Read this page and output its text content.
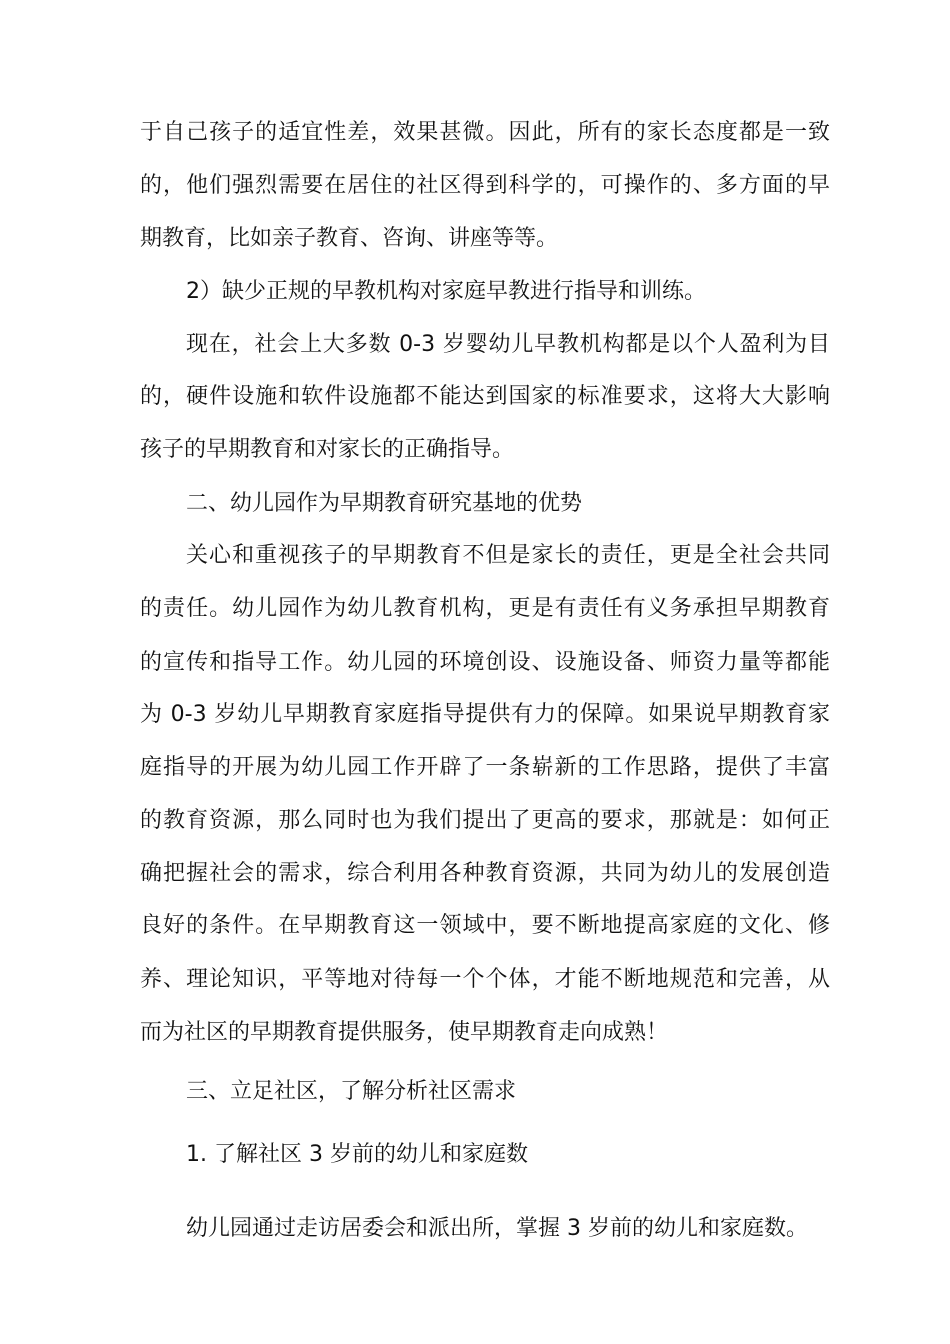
于自己孩子的适宜性差，效果甚微。因此，所有的家长态度都是一致

的，他们强烈需要在居住的社区得到科学的，可操作的、多方面的早

期教育，比如亲子教育、咨询、讲座等等。

2）缺少正规的早教机构对家庭早教进行指导和训练。

现在，社会上大多数 0-3 岁婴幼儿早教机构都是以个人盈利为目

的，硬件设施和软件设施都不能达到国家的标准要求，这将大大影响

孩子的早期教育和对家长的正确指导。

二、幼儿园作为早期教育研究基地的优势

关心和重视孩子的早期教育不但是家长的责任，更是全社会共同

的责任。幼儿园作为幼儿教育机构，更是有责任有义务承担早期教育

的宣传和指导工作。幼儿园的环境创设、设施设备、师资力量等都能

为 0-3 岁幼儿早期教育家庭指导提供有力的保障。如果说早期教育家

庭指导的开展为幼儿园工作开辟了一条崭新的工作思路，提供了丰富

的教育资源，那么同时也为我们提出了更高的要求，那就是：如何正

确把握社会的需求，综合利用各种教育资源，共同为幼儿的发展创造

良好的条件。在早期教育这一领域中，要不断地提高家庭的文化、修

养、理论知识，平等地对待每一个个体，才能不断地规范和完善，从

而为社区的早期教育提供服务，使早期教育走向成熟！

三、立足社区，了解分析社区需求

1. 了解社区 3 岁前的幼儿和家庭数

幼儿园通过走访居委会和派出所，掌握 3 岁前的幼儿和家庭数。
